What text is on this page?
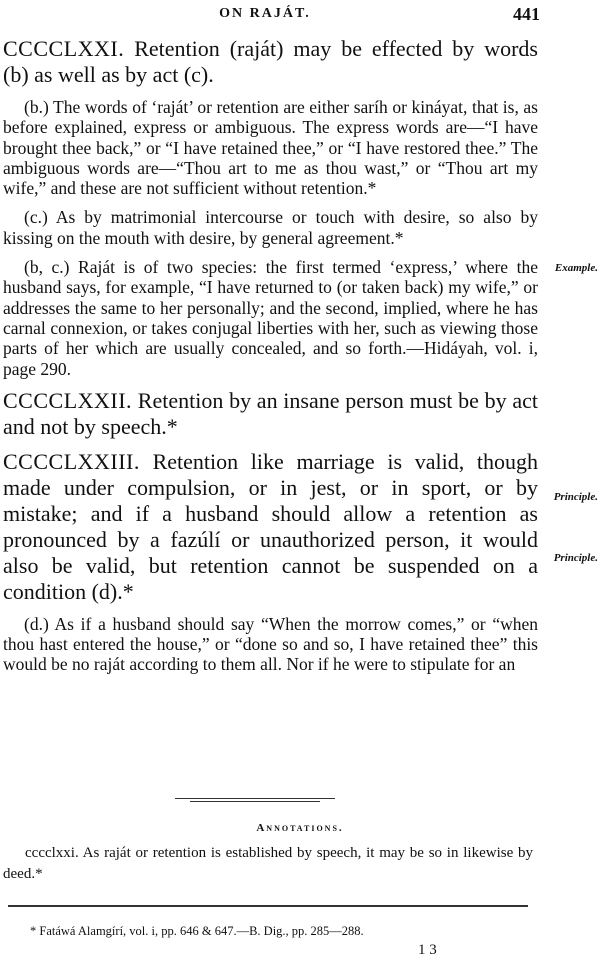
ON RAJÁT.	441

CCCCLXXI. Retention (raját) may be effected by words (b) as well as by act (c).

(b.) The words of ‘raját’ or retention are either saríh or kináyat, that is, as before explained, express or ambiguous. The express words are—“I have brought thee back,” or “I have retained thee,” or “I have restored thee.” The ambiguous words are—“Thou art to me as thou wast,” or “Thou art my wife,” and these are not sufficient without retention.*

(c.) As by matrimonial intercourse or touch with desire, so also by kissing on the mouth with desire, by general agreement.*

(b, c.) Raját is of two species: the first termed ‘express,’ where the husband says, for example, “I have returned to (or taken back) my wife,” or addresses the same to her personally; and the second, implied, where he has carnal connexion, or takes conjugal liberties with her, such as viewing those parts of her which are usually concealed, and so forth.—Hidáyah, vol. i, page 290.

CCCCLXXII. Retention by an insane person must be by act and not by speech.*

CCCCLXXIII. Retention like marriage is valid, though made under compulsion, or in jest, or in sport, or by mistake; and if a husband should allow a retention as pronounced by a fazúlí or unauthorized person, it would also be valid, but retention cannot be suspended on a condition (d).*

(d.) As if a husband should say “When the morrow comes,” or “when thou hast entered the house,” or “done so and so, I have retained thee” this would be no raját according to them all. Nor if he were to stipulate for an

Example.
Principle.
Principle.
Annotations.
cccclxxi. As raját or retention is established by speech, it may be so in likewise by deed.*
* Fatáwá Alamgírí, vol. i, pp. 646 & 647.—B. Dig., pp. 285—288.
1 3
